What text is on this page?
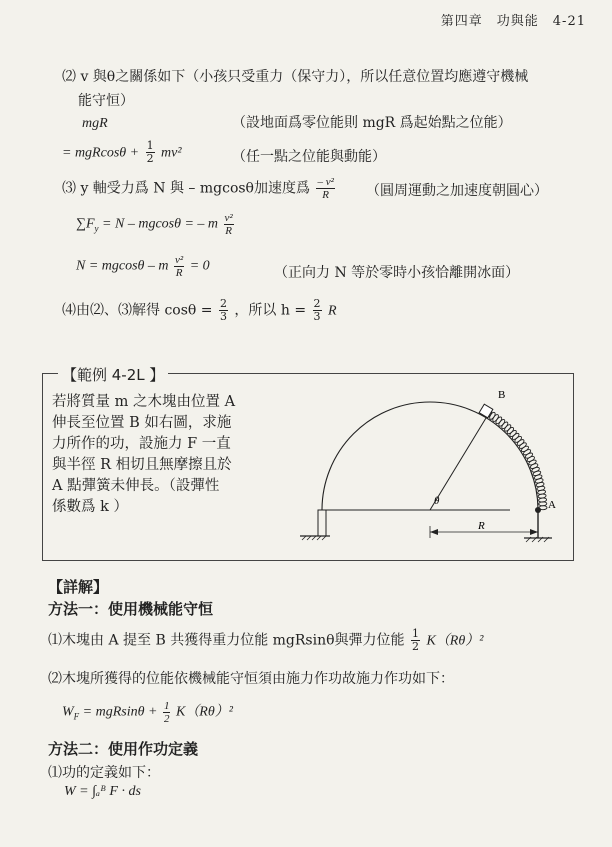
第四章　功與能　4-21
⑵ v 與θ之關係如下（小孩只受重力（保守力），所以任意位置均應遵守機械
能守恒）
mgR	（設地面爲零位能則 mgR 爲起始點之位能）
= $mgRcos\theta + \frac{1}{2} mv^2$	（任一點之位能與動能）
⑶ y 軸受力爲 N 與 – mgcosθ加速度爲 $\frac{\text{– v²}}{R}$ （圓周運動之加速度朝圓心）
$\sum F_y = N - mgcos\theta$ = – m $\frac{\text{v²}}{R}$
N = mgcosθ – m $\frac{\text{v²}}{R} = 0$	（正向力 N 等於零時小孩恰離開冰面）
⑷由⑵、⑶解得 $\cos\theta = \frac{2}{3}$ ，所以 $h = \frac{2}{3}$ R
【範例 4-2L 】
若將質量 m 之木塊由位置 A
伸長至位置 B 如右圖，求施
力所作的功，設施力 F 一直
與半徑 R 相切且無摩擦且於
A 點彈簧未伸長。（設彈性
係數爲 k ）
B
A
θ
R
【詳解】
方法一：使用機械能守恒
⑴木塊由 A 提至 B 共獲得重力位能 mgRsinθ與彈力位能 $\frac{1}{2} K(R\theta)^2$
⑵木塊所獲得的位能依機械能守恒須由施力作功故施力作功如下：
$W_F = mgRsin\theta + \frac{1}{2} K(R\theta)^2$
方法二：使用作功定義
⑴功的定義如下：
W = ∫ₐᴮ F · ds
